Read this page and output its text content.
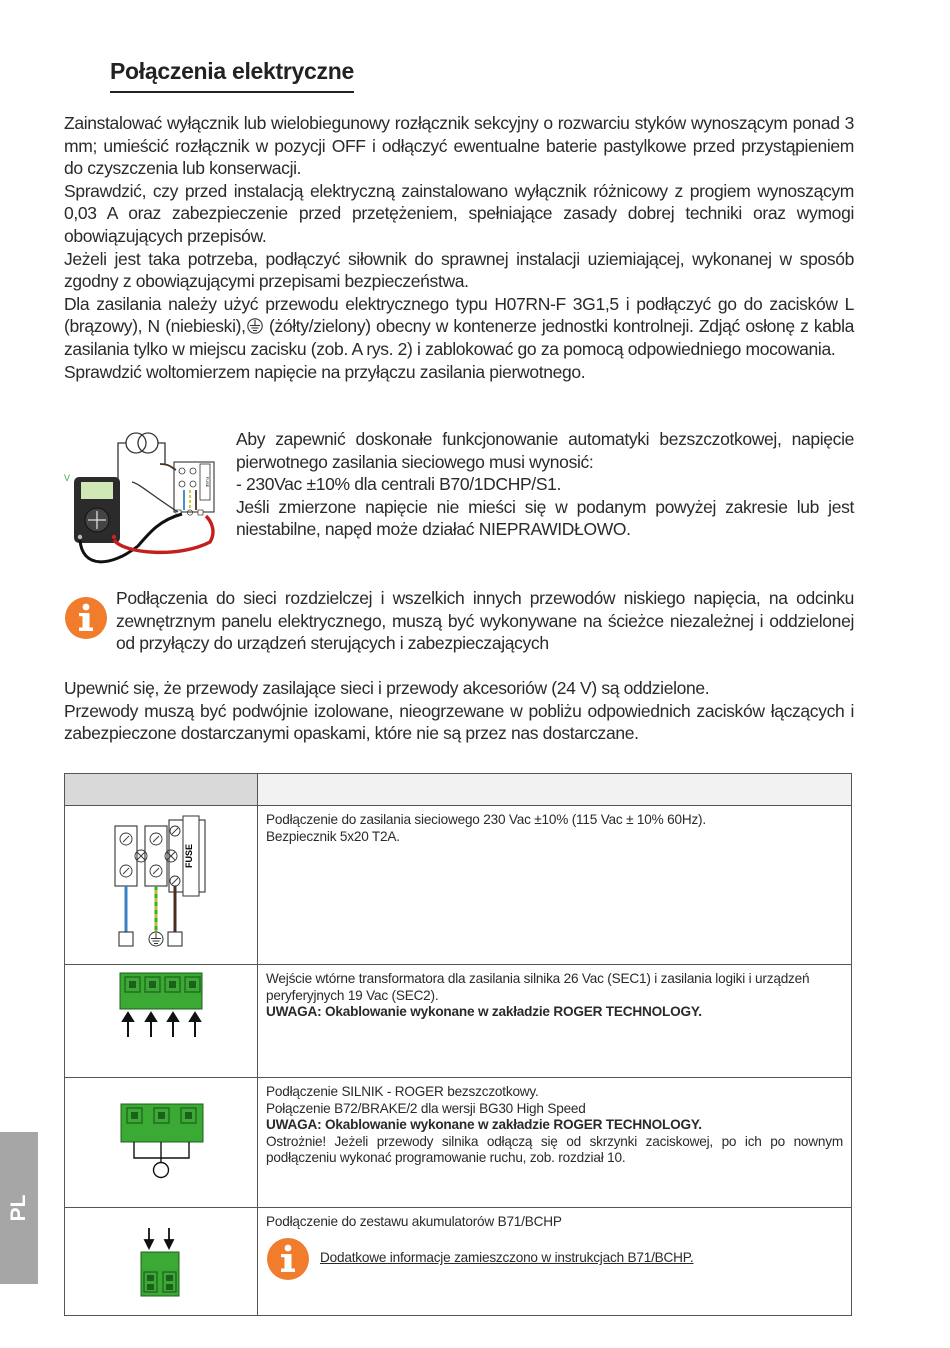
Połączenia elektryczne

Zainstalować wyłącznik lub wielobiegunowy rozłącznik sekcyjny o rozwarciu styków wynoszącym ponad 3 mm; umieścić rozłącznik w pozycji OFF i odłączyć ewentualne baterie pastylkowe przed przystąpieniem do czyszczenia lub konserwacji.

Sprawdzić, czy przed instalacją elektryczną zainstalowano wyłącznik różnicowy z progiem wynoszącym 0,03 A oraz zabezpieczenie przed przetężeniem, spełniające zasady dobrej techniki oraz wymogi obowiązujących przepisów.

Jeżeli jest taka potrzeba, podłączyć siłownik do sprawnej instalacji uziemiającej, wykonanej w sposób zgodny z obowiązującymi przepisami bezpieczeństwa.

Dla zasilania należy użyć przewodu elektrycznego typu H07RN-F 3G1,5 i podłączyć go do zacisków L (brązowy), N (niebieski), (żółty/zielony) obecny w kontenerze jednostki kontrolneji. Zdjąć osłonę z kabla zasilania tylko w miejscu zacisku (zob. A rys. 2) i zablokować go za pomocą odpowiedniego mocowania.

Sprawdzić woltomierzem napięcie na przyłączu zasilania pierwotnego.

FUSE
V

Aby zapewnić doskonałe funkcjonowanie automatyki bezszczotkowej, napięcie pierwotnego zasilania sieciowego musi wynosić:

- 230Vac ±10% dla centrali B70/1DCHP/S1.

Jeśli zmierzone napięcie nie mieści się w podanym powyżej zakresie lub jest niestabilne, napęd może działać NIEPRAWIDŁOWO.

Podłączenia do sieci rozdzielczej i wszelkich innych przewodów niskiego napięcia, na odcinku zewnętrznym panelu elektrycznego, muszą być wykonywane na ścieżce niezależnej i oddzielonej od przyłączy do urządzeń sterujących i zabezpieczających

Upewnić się, że przewody zasilające sieci i przewody akcesoriów (24 V) są oddzielone.

Przewody muszą być podwójnie izolowane, nieogrzewane w pobliżu odpowiednich zacisków łączących i zabezpieczone dostarczanymi opaskami, które nie są przez nas dostarczane.

FUSE	Podłączenie do zasilania sieciowego 230 Vac ±10% (115 Vac ± 10% 60Hz).

Bezpiecznik 5x20 T2A.

Wejście wtórne transformatora dla zasilania silnika 26 Vac (SEC1) i zasilania logiki i urządzeń peryferyjnych 19 Vac (SEC2).

UWAGA: Okablowanie wykonane w zakładzie ROGER TECHNOLOGY.

Podłączenie SILNIK - ROGER bezszczotkowy.

Połączenie B72/BRAKE/2 dla wersji BG30 High Speed

UWAGA: Okablowanie wykonane w zakładzie ROGER TECHNOLOGY.

Ostrożnie! Jeżeli przewody silnika odłączą się od skrzynki zaciskowej, po ich po nownym podłączeniu wykonać programowanie ruchu, zob. rozdział 10.

Podłączenie do zestawu akumulatorów B71/BCHP

Dodatkowe informacje zamieszczono w instrukcjach B71/BCHP.
PL
